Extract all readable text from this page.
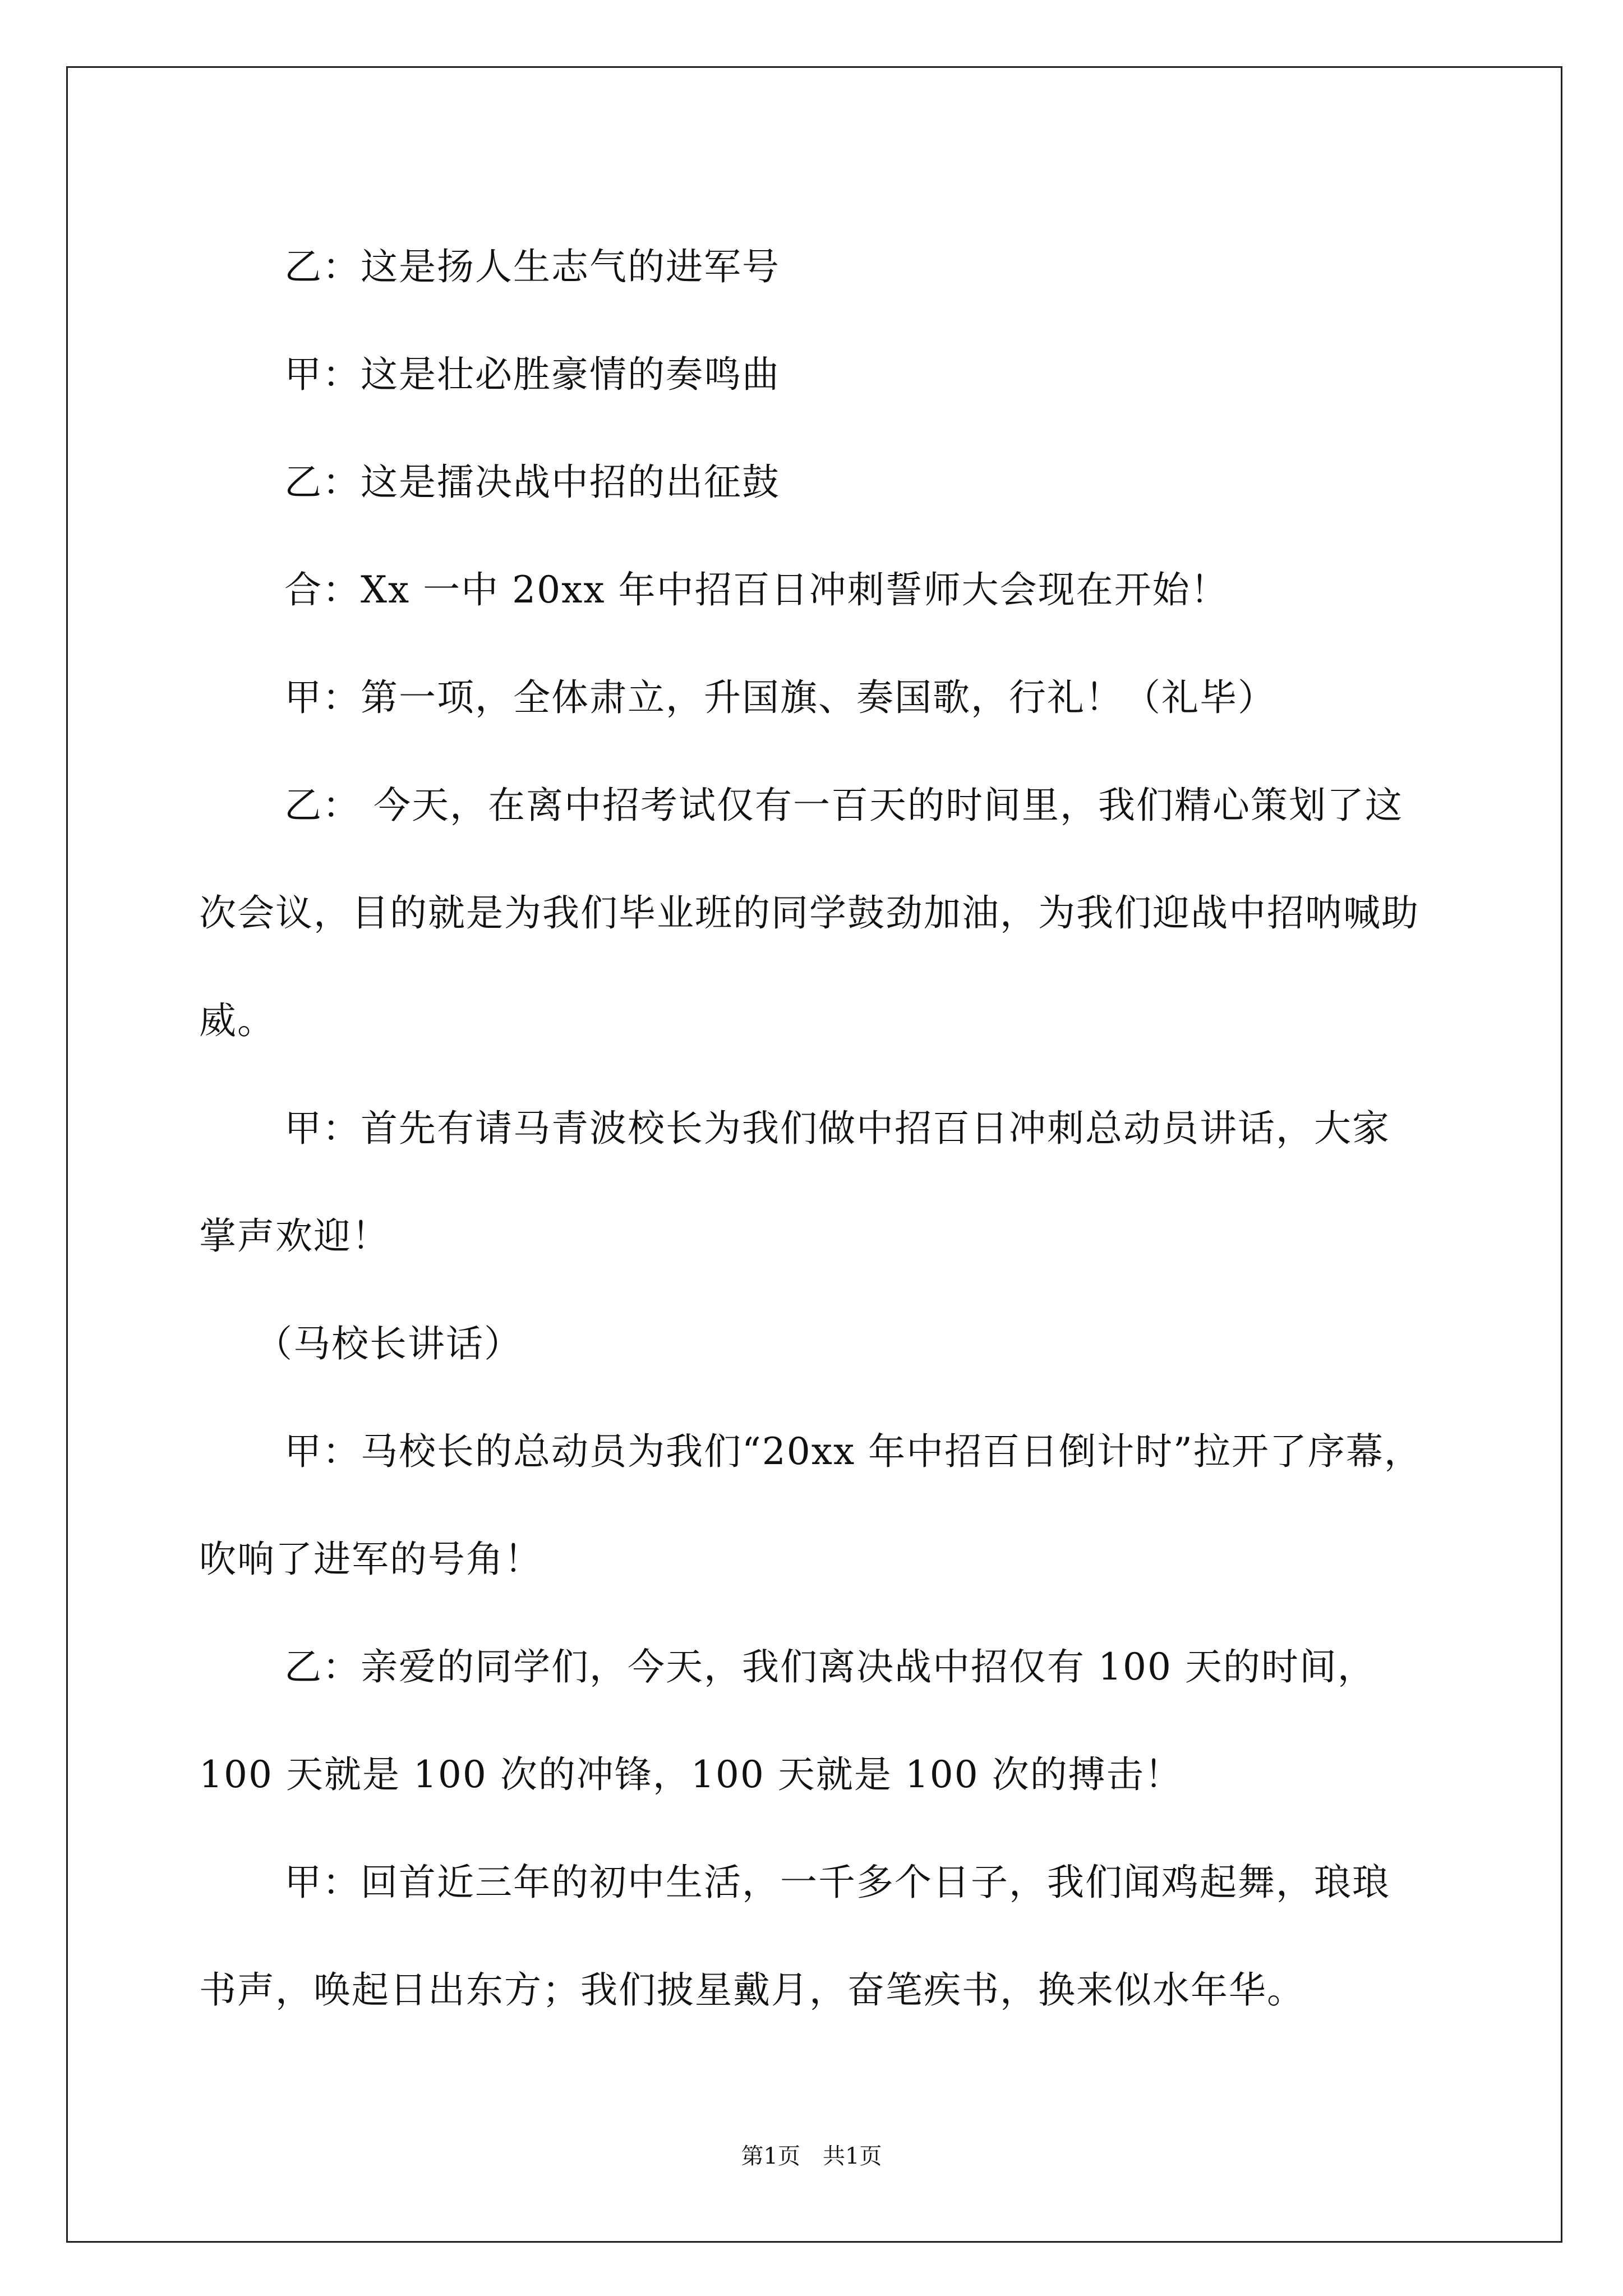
乙：这是扬人生志气的进军号

甲：这是壮必胜豪情的奏鸣曲

乙：这是擂决战中招的出征鼓

合：Xx 一中 20xx 年中招百日冲刺誓师大会现在开始！

甲：第一项，全体肃立，升国旗、奏国歌，行礼！（礼毕）

乙： 今天，在离中招考试仅有一百天的时间里，我们精心策划了这次会议，目的就是为我们毕业班的同学鼓劲加油，为我们迎战中招呐喊助威。

甲：首先有请马青波校长为我们做中招百日冲刺总动员讲话，大家掌声欢迎！

（马校长讲话）

甲：马校长的总动员为我们“20xx 年中招百日倒计时”拉开了序幕，吹响了进军的号角！

乙：亲爱的同学们，今天，我们离决战中招仅有 100 天的时间，100 天就是 100 次的冲锋，100 天就是 100 次的搏击！

甲：回首近三年的初中生活，一千多个日子，我们闻鸡起舞，琅琅书声，唤起日出东方；我们披星戴月，奋笔疾书，换来似水年华。

第1页　共1页
